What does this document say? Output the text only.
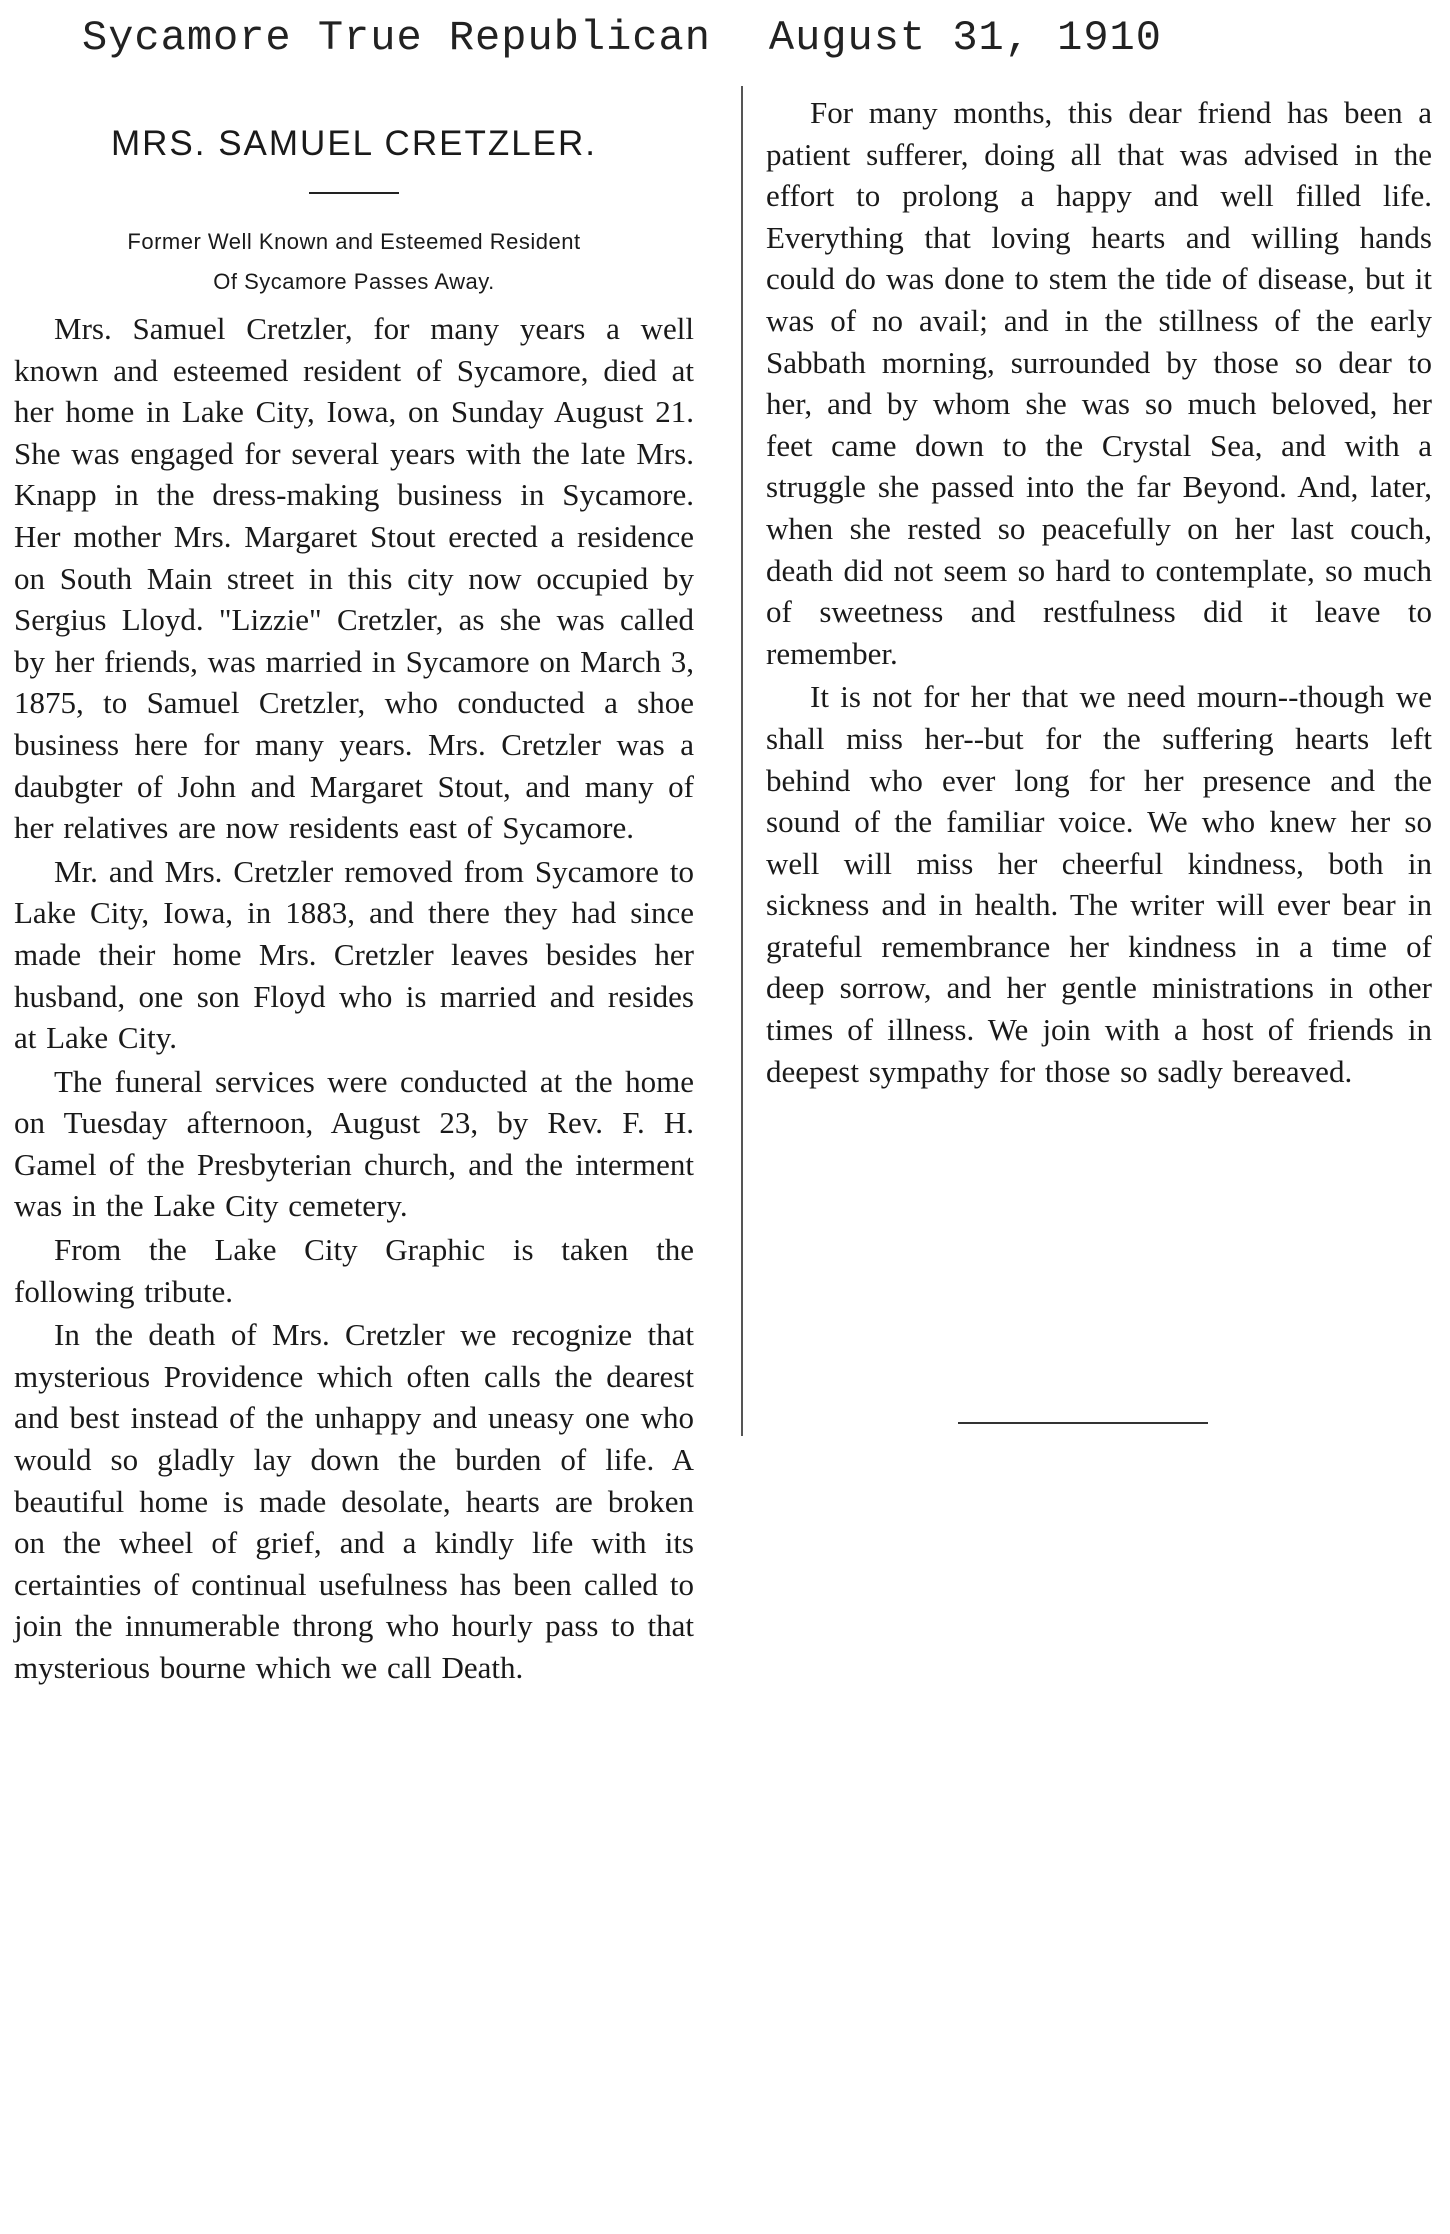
Sycamore True Republican August 31, 1910
MRS. SAMUEL CRETZLER.
Former Well Known and Esteemed Resident
Of Sycamore Passes Away.

Mrs. Samuel Cretzler, for many years a well known and esteemed resident of Sycamore, died at her home in Lake City, Iowa, on Sunday August 21. She was engaged for several years with the late Mrs. Knapp in the dress-making business in Sycamore. Her mother Mrs. Margaret Stout erected a residence on South Main street in this city now occupied by Sergius Lloyd. "Lizzie" Cretzler, as she was called by her friends, was married in Sycamore on March 3, 1875, to Samuel Cretzler, who conducted a shoe business here for many years. Mrs. Cretzler was a daubgter of John and Margaret Stout, and many of her relatives are now residents east of Sycamore.

Mr. and Mrs. Cretzler removed from Sycamore to Lake City, Iowa, in 1883, and there they had since made their home Mrs. Cretzler leaves besides her husband, one son Floyd who is married and resides at Lake City.

The funeral services were conducted at the home on Tuesday afternoon, August 23, by Rev. F. H. Gamel of the Presbyterian church, and the interment was in the Lake City cemetery.

From the Lake City Graphic is taken the following tribute.

In the death of Mrs. Cretzler we recognize that mysterious Providence which often calls the dearest and best instead of the unhappy and uneasy one who would so gladly lay down the burden of life. A beautiful home is made desolate, hearts are broken on the wheel of grief, and a kindly life with its certainties of continual usefulness has been called to join the innumerable throng who hourly pass to that mysterious bourne which we call Death.

For many months, this dear friend has been a patient sufferer, doing all that was advised in the effort to prolong a happy and well filled life. Everything that loving hearts and willing hands could do was done to stem the tide of disease, but it was of no avail; and in the stillness of the early Sabbath morning, surrounded by those so dear to her, and by whom she was so much beloved, her feet came down to the Crystal Sea, and with a struggle she passed into the far Beyond. And, later, when she rested so peacefully on her last couch, death did not seem so hard to contemplate, so much of sweetness and restfulness did it leave to remember.

It is not for her that we need mourn--though we shall miss her--but for the suffering hearts left behind who ever long for her presence and the sound of the familiar voice. We who knew her so well will miss her cheerful kindness, both in sickness and in health. The writer will ever bear in grateful remembrance her kindness in a time of deep sorrow, and her gentle ministrations in other times of illness. We join with a host of friends in deepest sympathy for those so sadly bereaved.
